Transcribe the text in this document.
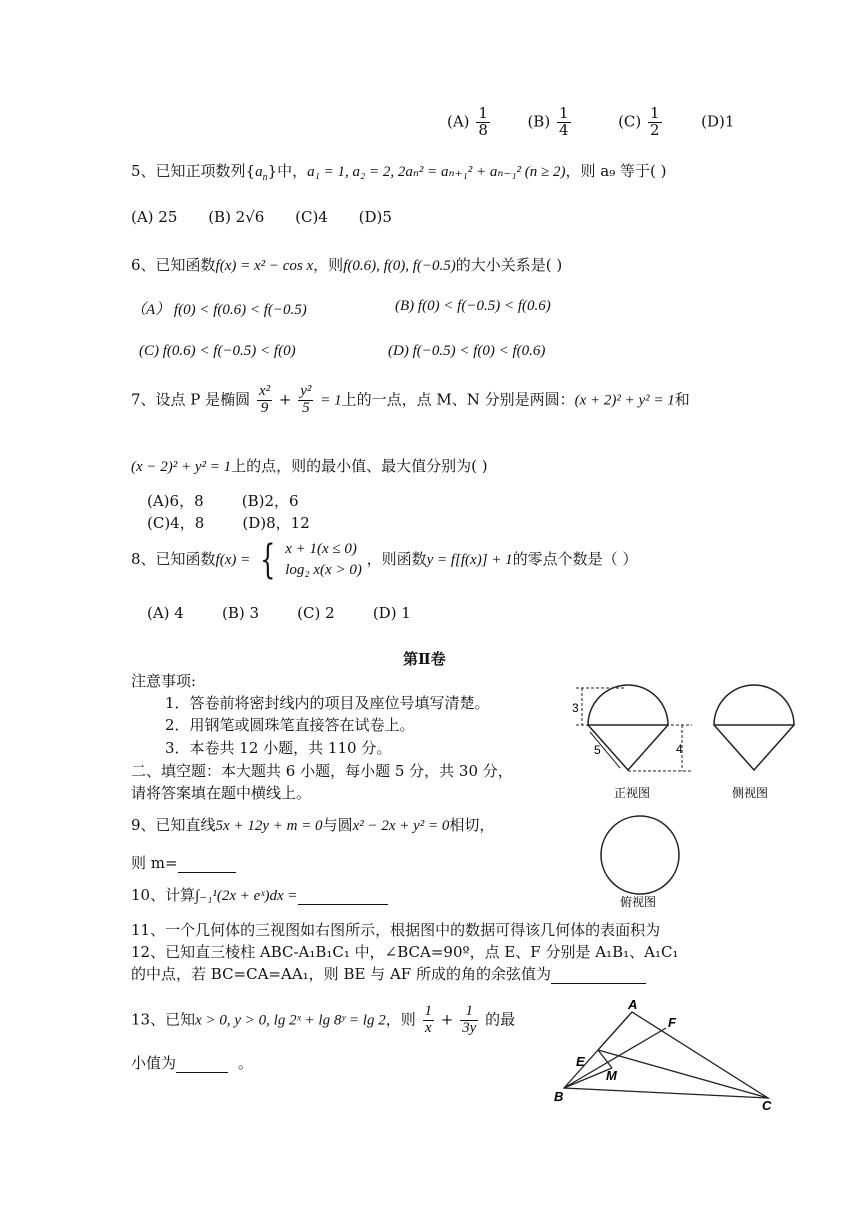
$(A) \frac{1}{8}$	$(B) \frac{1}{4}$	$(C) \frac{1}{2}$	(D)1
5、已知正项数列$\{a_n\}$中，a₁ = 1, a₂ = 2, 2aₙ² = aₙ₊₁² + aₙ₋₁² (n ≥ 2)，则 a₉ 等于( )
(A) 25 (B) 2√6 (C)4 (D)5
6、已知函数f(x) = x² − cos x，则f(0.6), f(0), f(−0.5)的大小关系是( )
（A） f(0) < f(0.6) < f(−0.5)	(B) f(0) < f(−0.5) < f(0.6)
(C) f(0.6) < f(−0.5) < f(0)	(D) f(−0.5) < f(0) < f(0.6)
7、设点 P 是椭圆 $\frac{\text{x²}}{9} + \frac{\text{y²}}{5} = 1$上的一点，点 M、N 分别是两圆：(x + 2)² + y² = 1和
(x − 2)² + y² = 1上的点，则的最小值、最大值分别为( )
(A)6，8        (B)2，6
(C)4，8        (D)8，12
8、已知函数f(x) = { x + 1(x ≤ 0)
log₂ x(x > 0)
，则函数y = f[f(x)] + 1的零点个数是（ ）
(A) 4        (B) 3        (C) 2        (D) 1
第Ⅱ卷
注意事项:
1．答卷前将密封线内的项目及座位号填写清楚。
2．用钢笔或圆珠笔直接答在试卷上。
3．本卷共 12 小题，共 110 分。
二、填空题：本大题共 6 小题，每小题 5 分，共 30 分，
请将答案填在题中横线上。
9、已知直线5x + 12y + m = 0与圆x² − 2x + y² = 0相切，
则 m=
10、计算∫₋₁¹(2x + eˣ)dx =
11、一个几何体的三视图如右图所示，根据图中的数据可得该几何体的表面积为
12、已知直三棱柱 ABC-A₁B₁C₁ 中，∠BCA=90º，点 E、F 分别是 A₁B₁、A₁C₁
的中点，若 BC=CA=AA₁，则 BE 与 AF 所成的角的余弦值为
13、已知x > 0, y > 0, lg 2ˣ + lg 8ʸ = lg 2，则 $\frac{1}{x} + \frac{1}{3y}$ 的最
小值为	。
3
5	4
正视图	侧视图
俯视图
A
F
E
M
B
C
